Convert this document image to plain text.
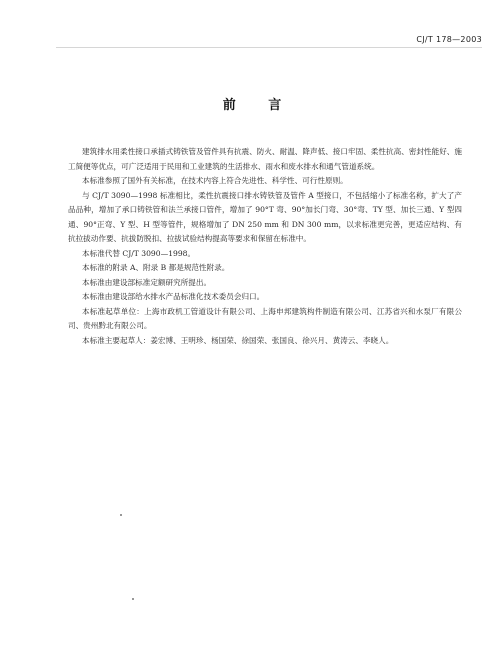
CJ/T 178—2003
前 言

建筑排水用柔性接口承插式铸铁管及管件具有抗震、防火、耐温、降声低、接口牢固、柔性抗高、密封性能好、施工简便等优点，可广泛适用于民用和工业建筑的生活排水、雨水和废水排水和通气管道系统。

本标准参照了国外有关标准，在技术内容上符合先进性、科学性、可行性原则。

与 CJ/T 3090—1998 标准相比，柔性抗震接口排水铸铁管及管件 A 型接口，不包括缩小了标准名称，扩大了产品品种，增加了承口铸铁管和法兰承接口管件，增加了 90°T 弯、90°加长门弯、30°弯、TY 型、加长三通、Y 型四通、90°正弯、Y 型、H 型等管件，规格增加了 DN 250 mm 和 DN 300 mm，以求标准更完善，更适应结构、有抗拉拔动作要、抗拔防脱扣、拉拔试验结构提高等要求和保留在标准中。

本标准代替 CJ/T 3090—1998。

本标准的附录 A、附录 B 都是规范性附录。

本标准由建设部标准定额研究所提出。

本标准由建设部给水排水产品标准化技术委员会归口。

本标准起草单位：上海市政机工管道设计有限公司、上海申邦建筑构件制造有限公司、江苏省兴和水泵厂有限公司、贵州黔北有限公司。

本标准主要起草人：姜宏博、王明珍、杨国荣、徐国荣、张国良、徐兴月、黄涛云、李晓人。
